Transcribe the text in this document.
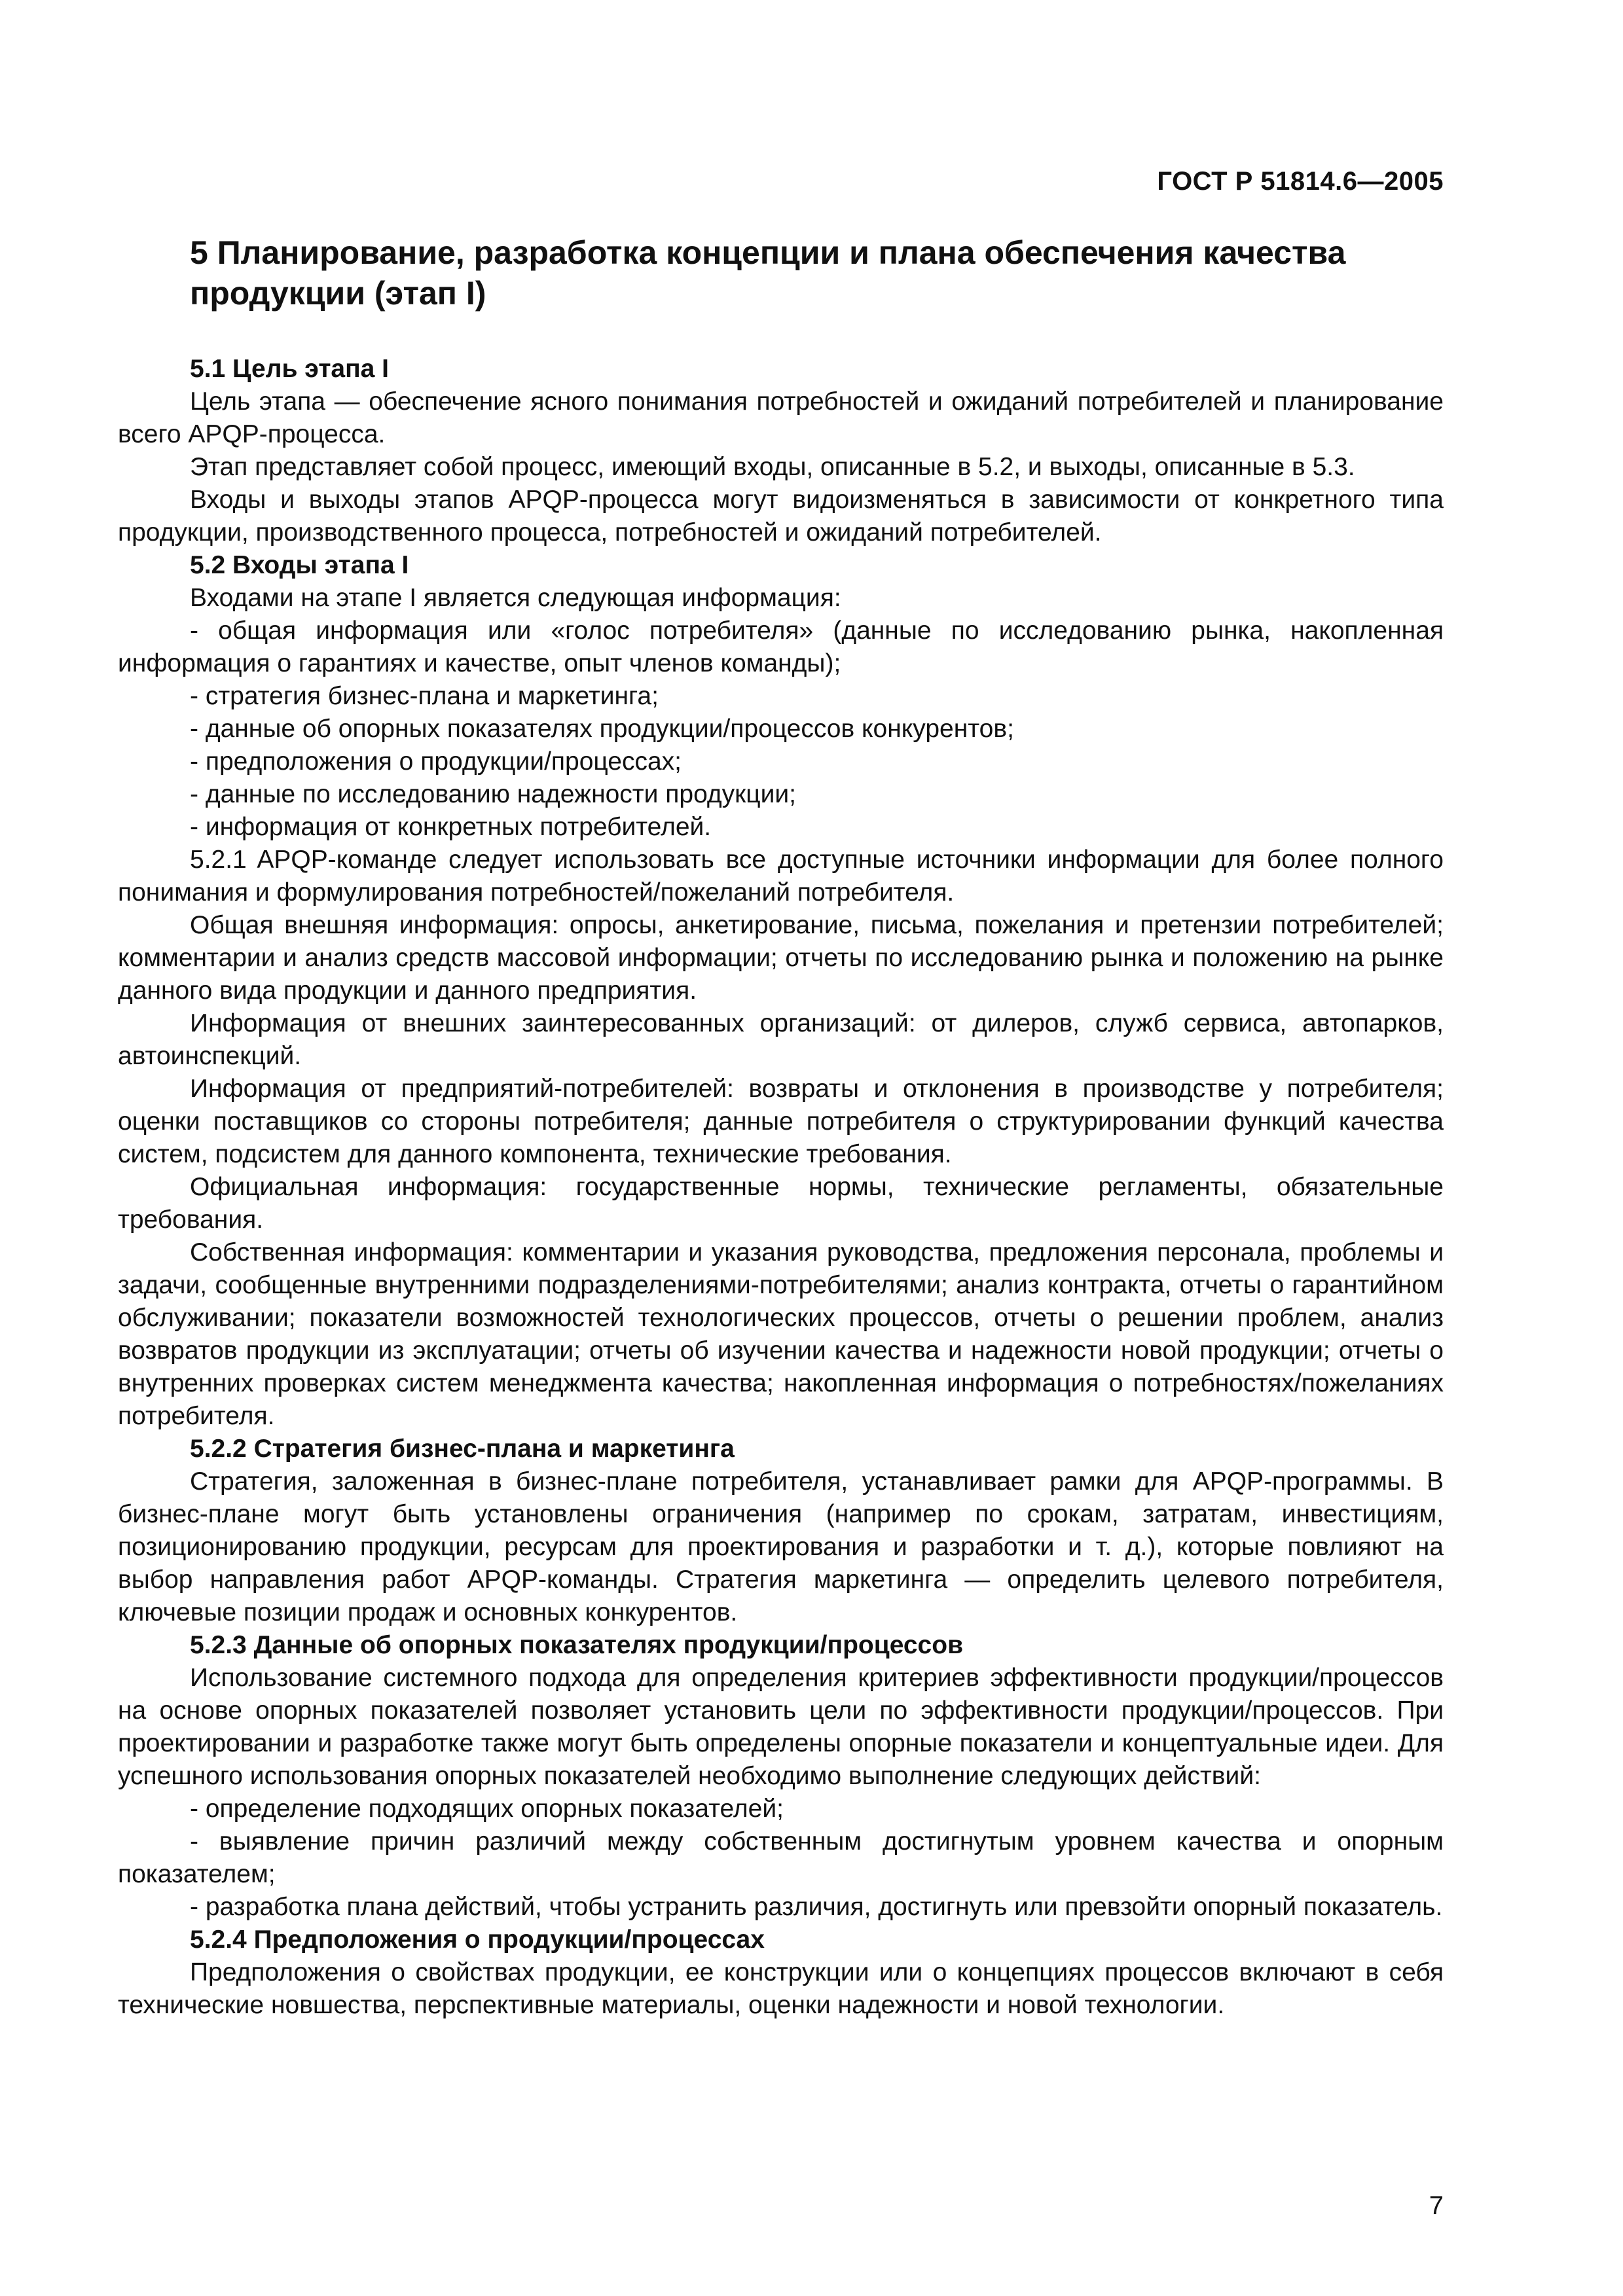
ГОСТ Р 51814.6—2005
5 Планирование, разработка концепции и плана обеспечения качества продукции (этап I)
5.1 Цель этапа I

Цель этапа — обеспечение ясного понимания потребностей и ожиданий потребителей и планирование всего APQP-процесса.

Этап представляет собой процесс, имеющий входы, описанные в 5.2, и выходы, описанные в 5.3.

Входы и выходы этапов APQP-процесса могут видоизменяться в зависимости от конкретного типа продукции, производственного процесса, потребностей и ожиданий потребителей.

5.2 Входы этапа I

Входами на этапе I является следующая информация:

- общая информация или «голос потребителя» (данные по исследованию рынка, накопленная информация о гарантиях и качестве, опыт членов команды);

- стратегия бизнес-плана и маркетинга;

- данные об опорных показателях продукции/процессов конкурентов;

- предположения о продукции/процессах;

- данные по исследованию надежности продукции;

- информация от конкретных потребителей.

5.2.1 APQP-команде следует использовать все доступные источники информации для более полного понимания и формулирования потребностей/пожеланий потребителя.

Общая внешняя информация: опросы, анкетирование, письма, пожелания и претензии потребителей; комментарии и анализ средств массовой информации; отчеты по исследованию рынка и положению на рынке данного вида продукции и данного предприятия.

Информация от внешних заинтересованных организаций: от дилеров, служб сервиса, автопарков, автоинспекций.

Информация от предприятий-потребителей: возвраты и отклонения в производстве у потребителя; оценки поставщиков со стороны потребителя; данные потребителя о структурировании функций качества систем, подсистем для данного компонента, технические требования.

Официальная информация: государственные нормы, технические регламенты, обязательные требования.

Собственная информация: комментарии и указания руководства, предложения персонала, проблемы и задачи, сообщенные внутренними подразделениями-потребителями; анализ контракта, отчеты о гарантийном обслуживании; показатели возможностей технологических процессов, отчеты о решении проблем, анализ возвратов продукции из эксплуатации; отчеты об изучении качества и надежности новой продукции; отчеты о внутренних проверках систем менеджмента качества; накопленная информация о потребностях/пожеланиях потребителя.

5.2.2 Стратегия бизнес-плана и маркетинга

Стратегия, заложенная в бизнес-плане потребителя, устанавливает рамки для APQP-программы. В бизнес-плане могут быть установлены ограничения (например по срокам, затратам, инвестициям, позиционированию продукции, ресурсам для проектирования и разработки и т. д.), которые повлияют на выбор направления работ APQP-команды. Стратегия маркетинга — определить целевого потребителя, ключевые позиции продаж и основных конкурентов.

5.2.3 Данные об опорных показателях продукции/процессов

Использование системного подхода для определения критериев эффективности продукции/процессов на основе опорных показателей позволяет установить цели по эффективности продукции/процессов. При проектировании и разработке также могут быть определены опорные показатели и концептуальные идеи. Для успешного использования опорных показателей необходимо выполнение следующих действий:

- определение подходящих опорных показателей;

- выявление причин различий между собственным достигнутым уровнем качества и опорным показателем;

- разработка плана действий, чтобы устранить различия, достигнуть или превзойти опорный показатель.

5.2.4 Предположения о продукции/процессах

Предположения о свойствах продукции, ее конструкции или о концепциях процессов включают в себя технические новшества, перспективные материалы, оценки надежности и новой технологии.

7
